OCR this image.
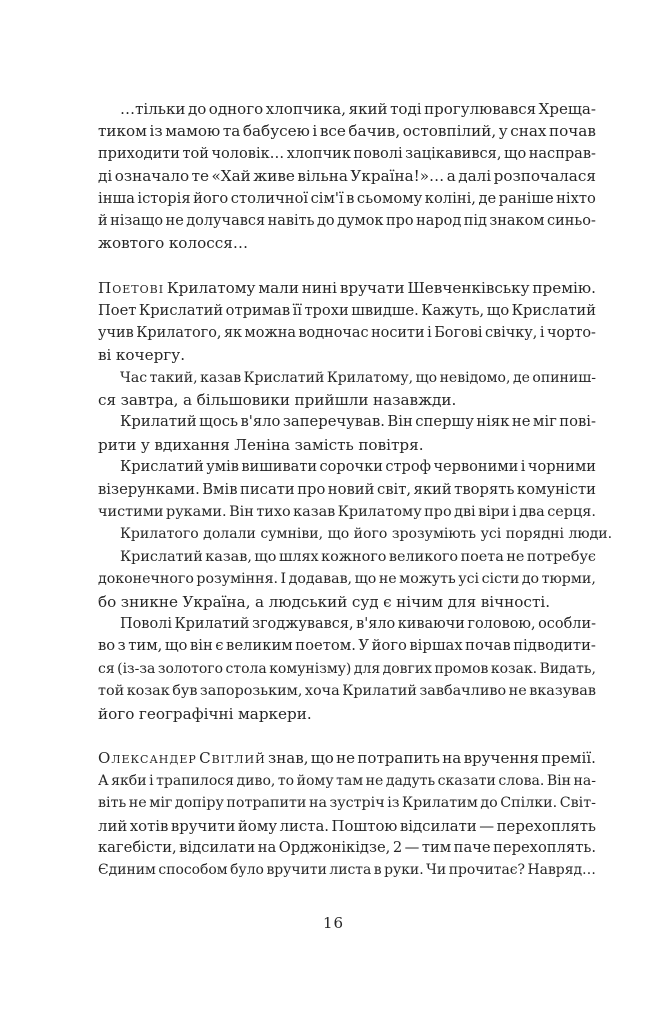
…тільки до одного хлопчика, який тоді прогулювався Хреща-
тиком із мамою та бабусею і все бачив, остовпілий, у снах почав
приходити той чоловік… хлопчик поволі зацікавився, що насправ-
ді означало те «Хай живе вільна Україна!»… а далі розпочалася
інша історія його столичної сім'ї в сьомому коліні, де раніше ніхто
й нізащо не долучався навіть до думок про народ під знаком синьо-
жовтого колосся…
Поетові Крилатому мали нині вручати Шевченківську премію.
Поет Крислатий отримав її трохи швидше. Кажуть, що Крислатий
учив Крилатого, як можна водночас носити і Богові свічку, і чорто-
ві кочергу.
Час такий, казав Крислатий Крилатому, що невідомо, де опиниш-
ся завтра, а більшовики прийшли назавжди.
Крилатий щось в'яло заперечував. Він спершу ніяк не міг пові-
рити у вдихання Леніна замість повітря.
Крислатий умів вишивати сорочки строф червоними і чорними
візерунками. Вмів писати про новий світ, який творять комуністи
чистими руками. Він тихо казав Крилатому про дві віри і два серця.
Крилатого долали сумніви, що його зрозуміють усі порядні люди.
Крислатий казав, що шлях кожного великого поета не потребує
доконечного розуміння. І додавав, що не можуть усі сісти до тюрми,
бо зникне Україна, а людський суд є нічим для вічності.
Поволі Крилатий згоджувався, в'яло киваючи головою, особли-
во з тим, що він є великим поетом. У його віршах почав підводити-
ся (із-за золотого стола комунізму) для довгих промов козак. Видать,
той козак був запорозьким, хоча Крилатий завбачливо не вказував
його географічні маркери.
Олександер Світлий знав, що не потрапить на вручення премії.
А якби і трапилося диво, то йому там не дадуть сказати слова. Він на-
віть не міг допіру потрапити на зустріч із Крилатим до Спілки. Світ-
лий хотів вручити йому листа. Поштою відсилати — перехоплять
кагебісти, відсилати на Орджонікідзе, 2 — тим паче перехоплять.
Єдиним способом було вручити листа в руки. Чи прочитає? Навряд…
16
